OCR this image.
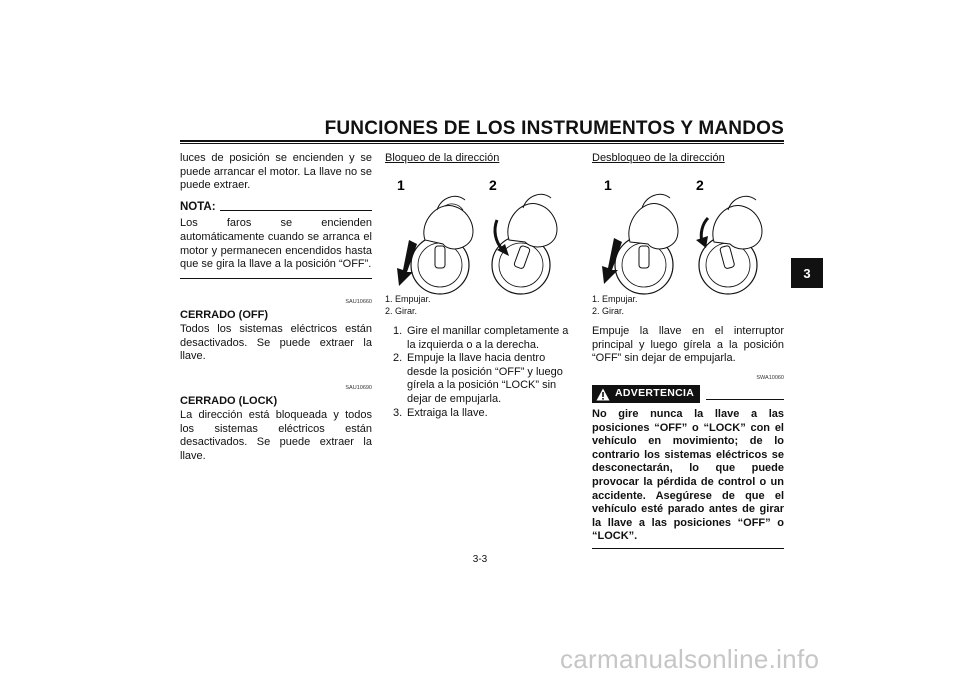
FUNCIONES DE LOS INSTRUMENTOS Y MANDOS
3

luces de posición se encienden y se puede arrancar el motor. La llave no se puede extraer.

NOTA:

Los faros se encienden automáticamente cuando se arranca el motor y permanecen encendidos hasta que se gira la llave a la posición “OFF”.

SAU10660
CERRADO (OFF)

Todos los sistemas eléctricos están desactivados. Se puede extraer la llave.

SAU10690
CERRADO (LOCK)

La dirección está bloqueada y todos los sistemas eléctricos están desactivados. Se puede extraer la llave.

Bloqueo de la dirección
1	2
1. Empujar.
2. Girar.
1. Gire el manillar completamente a la izquierda o a la derecha.
2. Empuje la llave hacia dentro desde la posición “OFF” y luego gírela a la posición “LOCK” sin dejar de empujarla.
3. Extraiga la llave.
Desbloqueo de la dirección
1	2
1. Empujar.
2. Girar.

Empuje la llave en el interruptor principal y luego gírela a la posición “OFF” sin dejar de empujarla.

SWA10060
ADVERTENCIA

No gire nunca la llave a las posiciones “OFF” o “LOCK” con el vehículo en movimiento; de lo contrario los sistemas eléctricos se desconectarán, lo que puede provocar la pérdida de control o un accidente. Asegúrese de que el vehículo esté parado antes de girar la llave a las posiciones “OFF” o “LOCK”.

3-3
carmanualsonline.info
